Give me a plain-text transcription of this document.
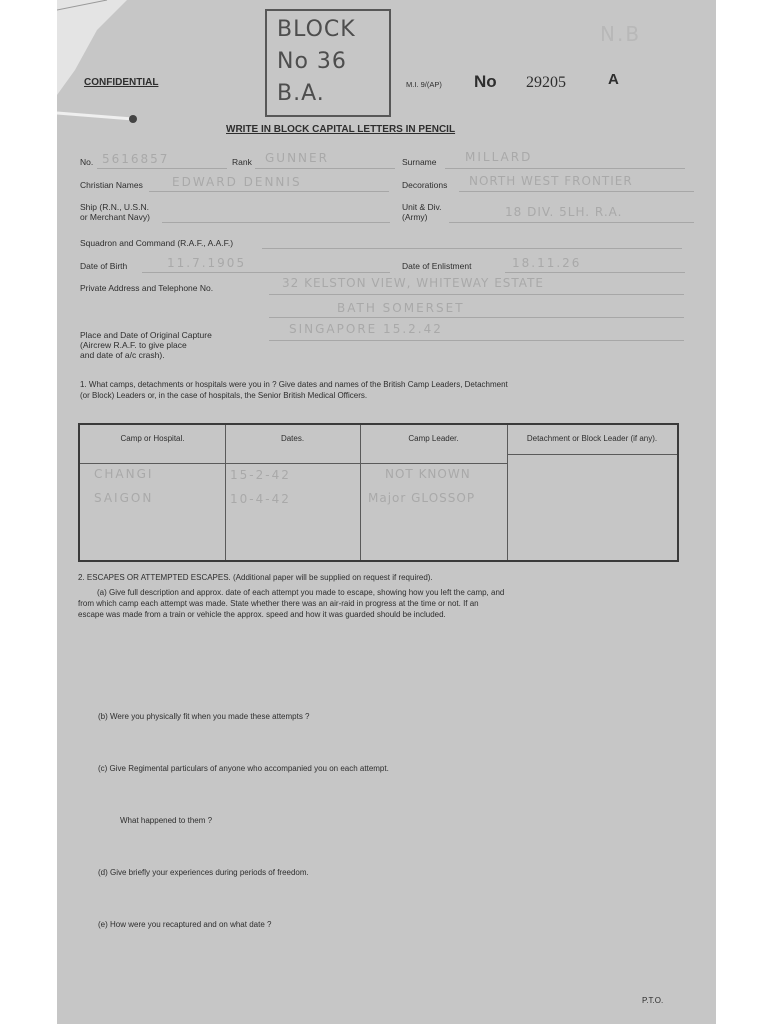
BLOCK
No 36
B.A.
N.B
CONFIDENTIAL	M.I. 9/(AP) No 29205	A
WRITE IN BLOCK CAPITAL LETTERS IN PENCIL
No. 5616857	Rank GUNNER	Surname MILLARD
Christian Names EDWARD DENNIS	Decorations NORTH WEST FRONTIER
Ship (R.N., U.S.N.
or Merchant Navy)
Unit & Div.
(Army)	18 DIV. 5LH. R.A.
Squadron and Command (R.A.F., A.A.F.)
Date of Birth	11.7.1905	Date of Enlistment	18.11.26
Private Address and Telephone No.	32 KELSTON VIEW, WHITEWAY ESTATE
BATH SOMERSET
Place and Date of Original Capture
(Aircrew R.A.F. to give place
and date of a/c crash).
SINGAPORE 15.2.42
1. What camps, detachments or hospitals were you in ? Give dates and names of the British Camp Leaders, Detachment
(or Block) Leaders or, in the case of hospitals, the Senior British Medical Officers.
Camp or Hospital.	Dates.	Camp Leader.	Detachment or Block Leader (if any).
CHANGI	15-2-42	NOT KNOWN
SAIGON	10-4-42	Major GLOSSOP
2. ESCAPES OR ATTEMPTED ESCAPES. (Additional paper will be supplied on request if required).
(a) Give full description and approx. date of each attempt you made to escape, showing how you left the camp, and
from which camp each attempt was made. State whether there was an air-raid in progress at the time or not. If an
escape was made from a train or vehicle the approx. speed and how it was guarded should be included.
(b) Were you physically fit when you made these attempts ?
(c) Give Regimental particulars of anyone who accompanied you on each attempt.
What happened to them ?
(d) Give briefly your experiences during periods of freedom.
(e) How were you recaptured and on what date ?
P.T.O.
